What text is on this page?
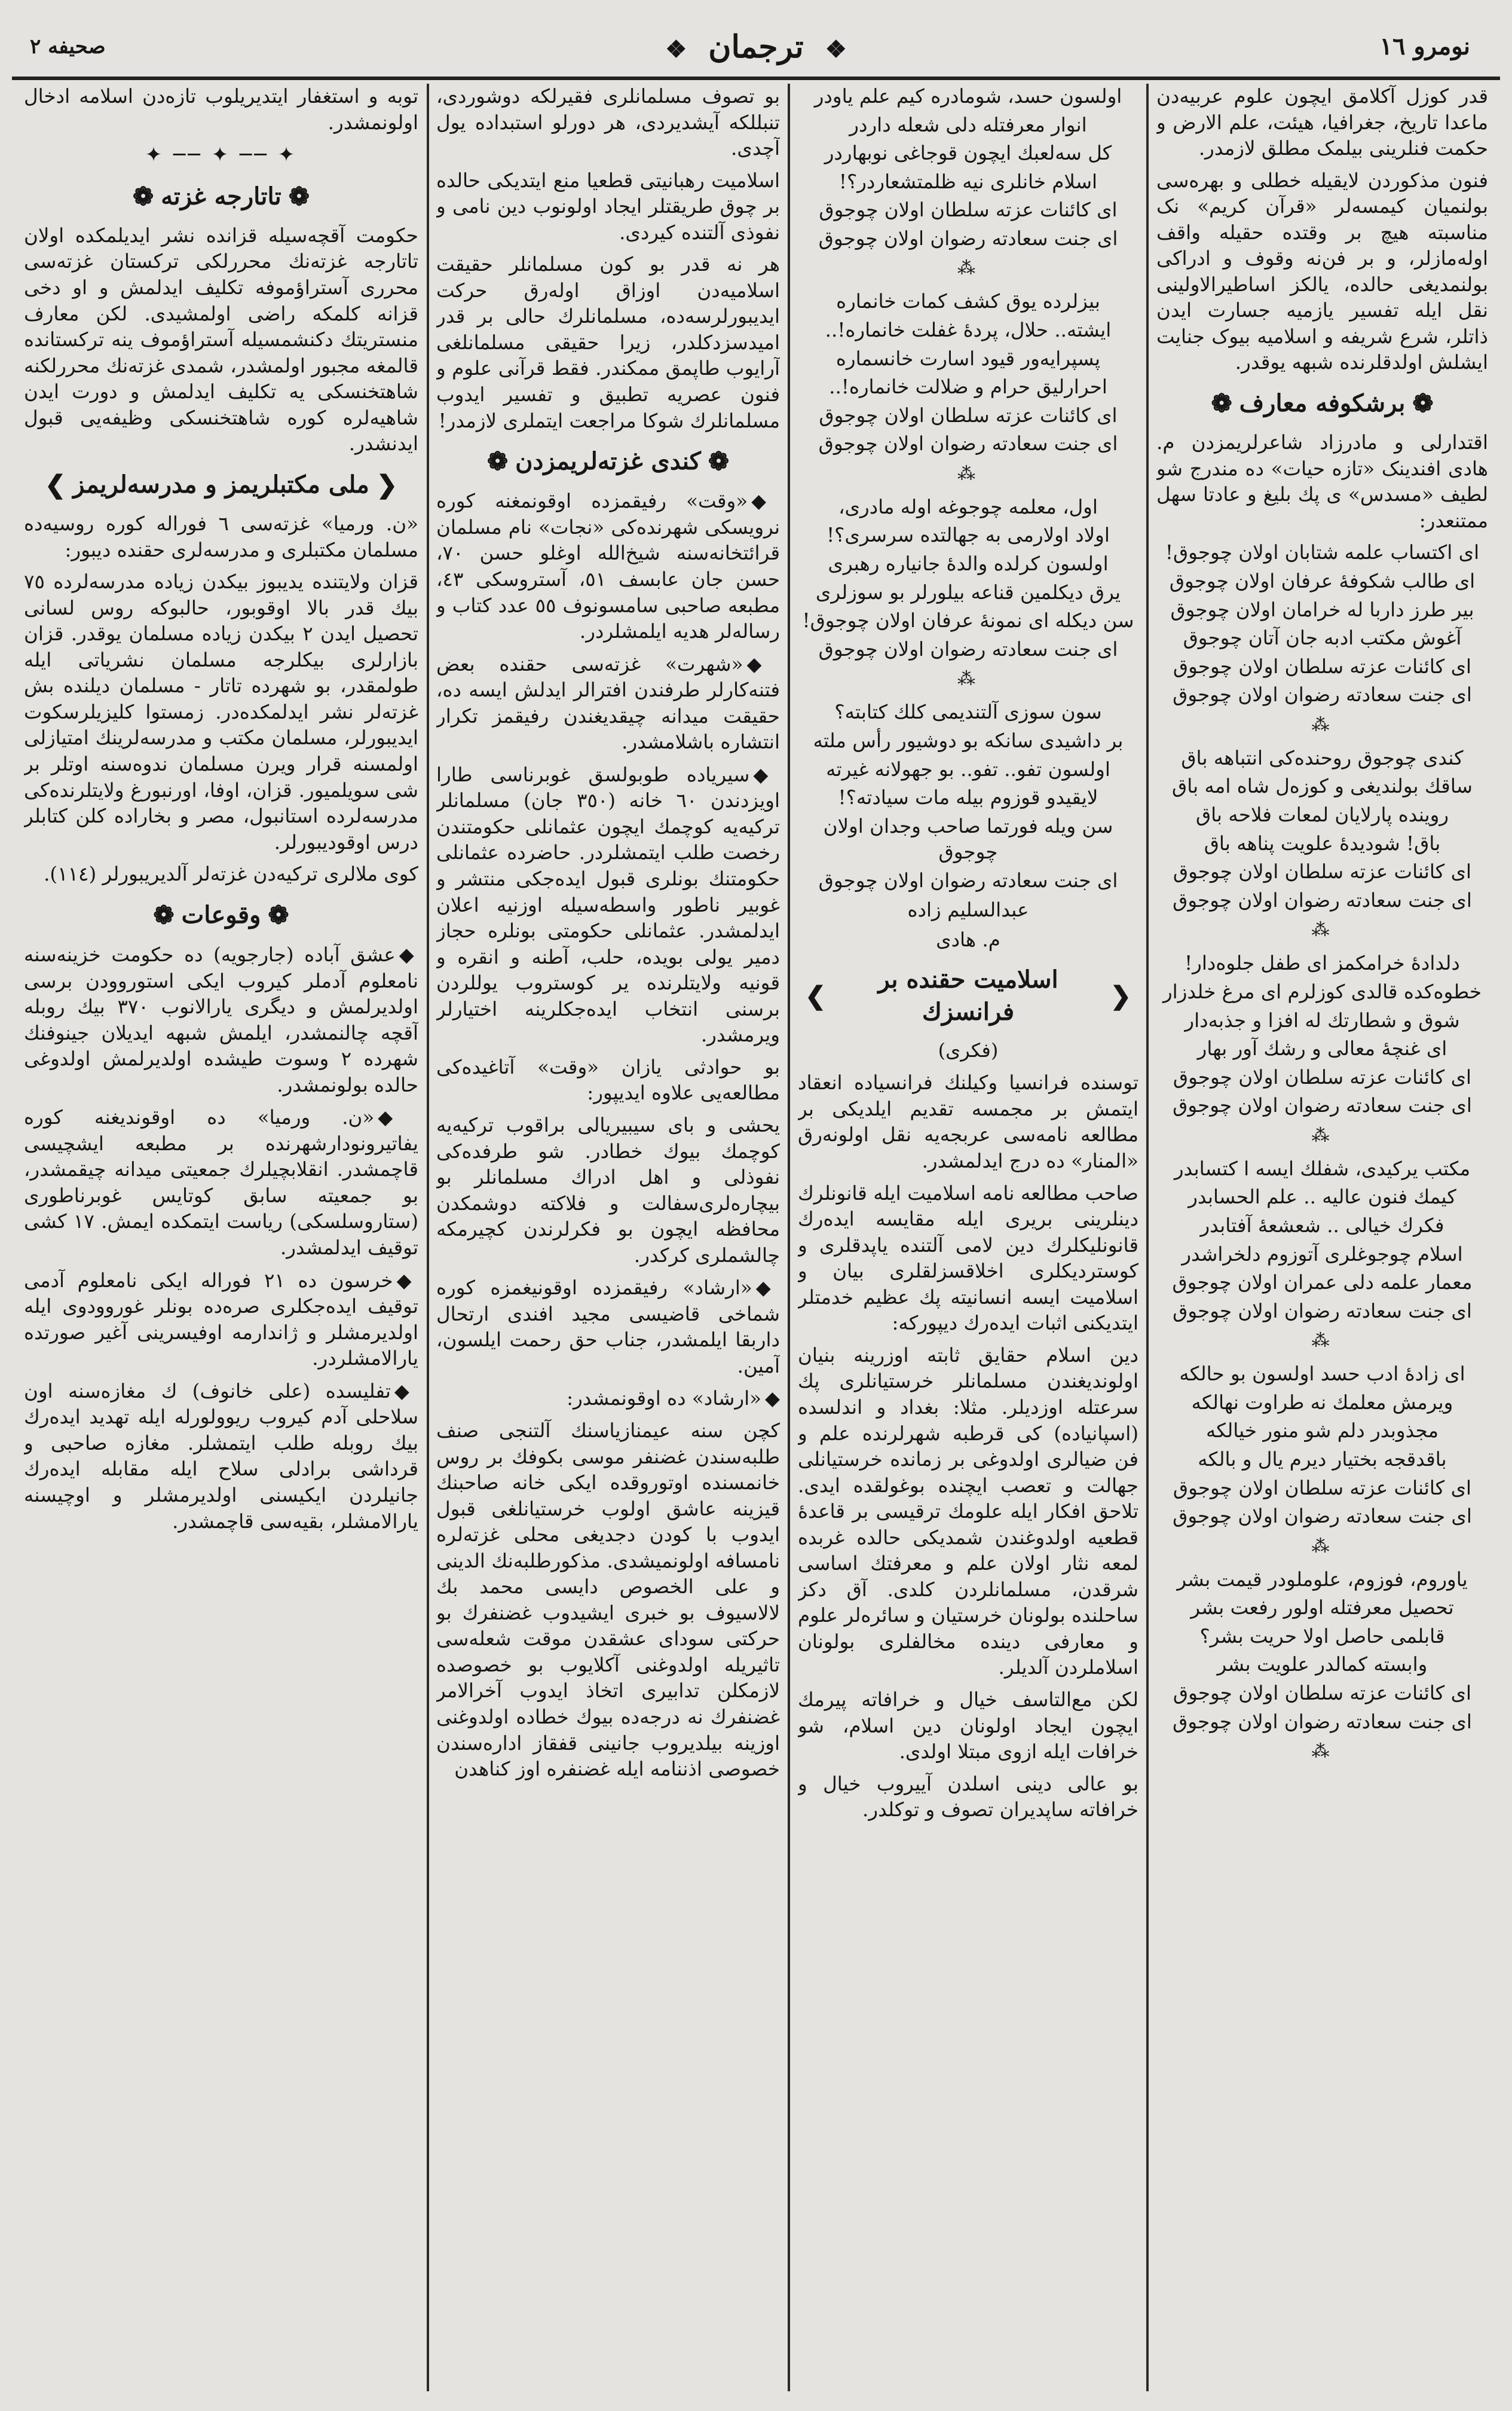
نومرو ١٦
❖ ترجمان ❖
صحیفه ٢

قدر کوزل آکلامق ایچون علوم عربیه‌دن ماعدا تاریخ، جغرافیا، هیئت، علم الارض و حکمت فنلرینی بیلمک مطلق لازمدر.

فنون مذکوردن لایقیله خطلی و بهره‌سی بولنمیان کیمسه‌لر «قرآن کریم» نک مناسبته هیچ بر وقتده حقیله واقف اوله‌مازلر، و بر فن‌نه وقوف و ادراکی بولنمدیغی حالده، یالکز اساطیرالاولینی نقل ایله تفسیر یازمیه جسارت ایدن ذاتلر، شرع شریفه و اسلامیه بیوک جنایت ایشلش اولدقلرنده شبهه یوقدر.

❁
برشکوفه معارف
❁

اقتدارلی و مادرزاد شاعرلریمزدن م. هادی افندینک «تازه حیات» ده مندرج شو لطیف «مسدس» ی پك بلیغ و عادتا سهل ممتنعدر:

ای اکتساب علمه شتابان اولان چوجوق!
ای طالب شکوفهٔ عرفان اولان چوجوق
بیر طرز داربا له خرامان اولان چوجوق
آغوش مکتب ادبه جان آتان چوجوق
ای کائنات عزته سلطان اولان چوجوق
ای جنت سعادته رضوان اولان چوجوق
⁂
کندی چوجوق روحنده‌کی انتباهه باق
ساقك بولندیغی و کوزه‌ل شاه امه باق
روینده پارلایان لمعات فلاحه باق
باق! شودیدهٔ علویت پناهه باق
ای کائنات عزته سلطان اولان چوجوق
ای جنت سعادته رضوان اولان چوجوق
⁂
دلدادهٔ خرامکمز ای طفل جلوه‌دار!
خطوه‌کده قالدی کوزلرم ای مرغ خلدزار
شوق و شطارتك له‌ افزا و جذبه‌دار
ای غنچهٔ معالی و رشك آور بهار
ای کائنات عزته سلطان اولان چوجوق
ای جنت سعادته رضوان اولان چوجوق
⁂
مکتب یرکیدی، شفلك ایسه ا کتسابدر
کیمك فنون عالیه .. علم الحسابدر
فکرك خیالی .. شعشعهٔ آفتابدر
اسلام چوجوغلری آتوزوم دلخراشدر
معمار علمه دلی عمران اولان چوجوق
ای جنت سعادته رضوان اولان چوجوق
⁂
ای زادهٔ ادب حسد اولسون بو حالکه
ویرمش معلمك نه طراوت نهالکه
مجذوبدر دلم شو منور خیالکه
باقدقجه بختیار دیرم یال و بالکه
ای کائنات عزته سلطان اولان چوجوق
ای جنت سعادته رضوان اولان چوجوق
⁂
یاوروم، فوزوم، علوملودر قیمت بشر
تحصیل معرفتله اولور رفعت بشر
قابلمی حاصل اولا حریت بشر؟
وابسته کمالدر علویت بشر
ای کائنات عزته سلطان اولان چوجوق
ای جنت سعادته رضوان اولان چوجوق
⁂
اولسون حسد، شومادره کیم علم یاودر
انوار معرفتله دلی شعله داردر
کل سه‌لعبك ایچون قوجاغی نوبهاردر
اسلام خانلری نیه ظلمتشعاردر؟!
ای کائنات عزته سلطان اولان چوجوق
ای جنت سعادته رضوان اولان چوجوق
⁂
بیزلرده یوق کشف کمات خانماره
ایشته.. حلال، پردهٔ غفلت خانماره!..
پسپرایه‌ور قیود اسارت خانسماره
احرارلیق حرام و ضلالت خانماره!..
ای کائنات عزته سلطان اولان چوجوق
ای جنت سعادته رضوان اولان چوجوق
⁂
اول، معلمه چوجوغه اوله مادری،
اولاد اولارمی به جهالتده سرسری؟!
اولسون کرلده والدهٔ جانیاره رهبری
یرق دیکلمین قناعه بیلورلر بو سوزلری
سن دیکله ای نمونهٔ عرفان اولان چوجوق!
ای جنت سعادته رضوان اولان چوجوق
⁂
سون سوزی آلتندیمی کلك کتابته؟
بر داشیدی سانکه بو دوشیور رأس ملته
اولسون تفو.. تفو.. بو جهولانه غیرته
لایقیدو قوزوم بیله مات سیادته؟!
سن ویله فورتما صاحب وجدان اولان چوجوق
ای جنت سعادته رضوان اولان چوجوق
عبدالسلیم زاده
م. هادی
❮
اسلامیت حقنده بر فرانسزك
❯
(فکری)

توسنده فرانسیا وکیلنك فرانسیاده انعقاد ایتمش بر مجمسه تقدیم ایلدیکی بر مطالعه نامه‌سی عربجه‌یه نقل اولونه‌رق «المنار» ده درج ایدلمشدر.

صاحب مطالعه نامه اسلامیت ایله قانونلرك دینلرینی بریری ایله مقایسه ایده‌رك قانونلیکلرك دین لامی آلتنده یاپدقلری و کوستردیکلری اخلاقسزلقلری بیان و اسلامیت ایسه انسانیته پك عظیم خدمتلر ایتدیکنی اثبات ایده‌رك دیپورکه:

دین اسلام حقایق ثابته اوزرینه بنیان اولوندیغندن مسلمانلر خرستیانلری پك سرعتله اوزدیلر. مثلا: بغداد و اندلسده (اسپانیاده) کی قرطبه شهرلرنده علم و فن ضیالری اولدوغی بر زمانده خرستیانلی جهالت و تعصب ایچنده بوغولقده ایدی. تلاحق افکار ایله علومك ترقیسی بر قاعدهٔ قطعیه اولدوغندن شمدیکی حالده غربده لمعه نثار اولان علم و معرفتك اساسی شرقدن، مسلمانلردن کلدی. آق دکز ساحلنده بولونان خرستیان و سائره‌لر علوم و معارفی دینده مخالفلری بولونان اسلاملردن آلدیلر.

لکن مع‌التاسف خیال و خرافاته پیرمك ایچون ایجاد اولونان دین اسلام، شو خرافات ایله ازوی مبتلا اولدی.

بو عالی دینی اسلدن آییروب خیال و خرافاته ساپدیران تصوف و توکلدر.

بو تصوف مسلمانلری فقیرلکه دوشوردی، تنبللکه آیشدیردی، هر دورلو استبداده یول آچدی.

اسلامیت رهبانیتی قطعیا منع ایتدیکی حالده بر چوق طریقتلر ایجاد اولونوب دین نامی و نفوذی آلتنده کیردی.

هر نه قدر بو کون مسلمانلر حقیقت اسلامیه‌دن اوزاق اوله‌رق حرکت ایدیبورلرسه‌ده، مسلمانلرك حالی بر قدر امیدسزدکلدر، زیرا حقیقی مسلمانلغی آرایوب طاپمق ممکندر. فقط قرآنی علوم و فنون عصریه تطبیق و تفسیر ایدوب مسلمانلرك شوکا مراجعت ایتملری لازمدر!

❁
کندی غزته‌لریمزدن
❁

◆«وقت» رفیقمزده اوقونمغنه کوره نرویسکی شهرنده‌کی «نجات» نام مسلمان قرائتخانه‌سنه شیخ‌الله اوغلو حسن ٧٠، حسن جان عابسف ٥١، آستروسکی ٤٣، مطبعه صاحبی سامسونوف ٥٥ عدد کتاب و رساله‌لر هدیه ایلمشلردر.

◆«شهرت» غزته‌سی حقنده بعض فتنه‌کارلر طرفندن افترالر ایدلش ایسه ده، حقیقت میدانه چیقدیغندن رفیقمز تکرار انتشاره باشلامشدر.

◆سیریاده طوبولسق غوبرناسی طارا اویزدندن ٦٠ خانه (٣٥٠ جان) مسلمانلر ترکیه‌یه کوچمك ایچون عثمانلی حکومتندن رخصت طلب ایتمشلردر. حاضرده عثمانلی حکومتنك بونلری قبول ایده‌جکی منتشر و غوبیر ناطور واسطه‌سیله اوزنیه اعلان ایدلمشدر. عثمانلی حکومتی بونلره حجاز دمیر یولی بویده، حلب، آطنه و انقره و قونیه ولایتلرنده یر کوستروب یوللردن برسنی انتخاب ایده‌جکلرینه اختیارلر ویرمشدر.

بو حوادثی یازان «وقت» آتاغیده‌کی مطالعه‌یی علاوه ایدیپور:

یحشی و بای سیبیریالی براقوب ترکیه‌یه کوچمك بیوك خطادر. شو طرفده‌کی نفوذلی و اهل ادراك مسلمانلر بو بیچاره‌لری‌سفالت و فلاکته دوشمکدن محافظه ایچون بو فکرلرندن کچیرمکه چالشملری کرکدر.

◆«ارشاد» رفیقمزده اوقونیغمزه کوره شماخی قاضیسی مجید افندی ارتحال داربقا ایلمشدر، جناب حق رحمت ایلسون، آمین.

◆«ارشاد» ده اوقونمشدر:

کچن سنه عیمنازیاسنك آلتنجی صنف طلبه‌سندن غضنفر موسی بکوفك بر روس خانمسنده اوتوروقده ایکی خانه صاحبنك قیزینه عاشق اولوب خرستیانلغی قبول ایدوب با کودن دجدیغی محلی غزته‌لره نامسافه اولونمیشدی. مذکورطلبه‌نك الدینی و علی الخصوص دایسی محمد بك لالاسیوف بو خبری ایشیدوب غضنفرك بو حرکتی سودای عشقدن موقت شعله‌سی تاثیریله اولدوغنی آکلایوب بو خصوصده لازمکلن تدابیری اتخاذ ایدوب آخرالامر غضنفرك نه درجه‌ده بیوك خطاده اولدوغنی اوزینه بیلدیروب جانینی قفقاز اداره‌سندن خصوصی اذننامه ایله غضنفره اوز کناهدن

توبه و استغفار ایتدیریلوب تازه‌دن اسلامه ادخال اولونمشدر.

✦ ── ✦ ── ✦
❁
تاتارجه غزته
❁

حکومت آقچه‌سیله قزانده نشر ایدیلمکده اولان تاتارجه غزته‌نك محررلکی ترکستان غزته‌سی محرری آستراؤموفه تکلیف ایدلمش و او دخی قزانه کلمکه راضی اولمشیدی. لکن معارف منستریتك دکنشمسیله آستراؤموف ینه ترکستانده قالمغه مجبور اولمشدر، شمدی غزته‌نك محررلکنه شاهتخنسکی یه تکلیف ایدلمش و دورت ایدن شاهیه‌لره کوره شاهتخنسکی وظیفه‌یی قبول ایدنشدر.

❮
ملی مکتبلریمز و مدرسه‌لریمز
❯

«ن. ورمیا» غزته‌سی ٦ فوراله کوره روسیه‌ده مسلمان مکتبلری و مدرسه‌لری حقنده دیبور:

قزان ولایتنده یدیبوز بیکدن زیاده مدرسه‌لرده ٧٥ بیك قدر بالا اوقوبور، حالبوکه روس لسانی تحصیل ایدن ٢ بیکدن زیاده مسلمان یوقدر. قزان بازارلری بیکلرجه مسلمان نشریاتی ایله طولمقدر، بو شهرده تاتار - مسلمان دیلنده بش غزته‌لر نشر ایدلمکده‌در. زمستوا کلیزیلرسکوت ایدیبورلر، مسلمان مکتب و مدرسه‌لرینك امتیازلی اولمسنه قرار ویرن مسلمان ندوه‌سنه اوتلر بر شی سویلمیور. قزان، اوفا، اورنبورغ ولایتلرنده‌کی مدرسه‌لرده استانبول، مصر و بخاراده کلن کتابلر درس اوقودیبورلر.

کوی ملالری ترکیه‌دن غزته‌لر آلدیریبورلر (١١٤).

❁
وقوعات
❁

◆عشق آباده (جارجویه) ده حکومت خزینه‌سنه نامعلوم آدملر کیروب ایکی استوروودن برسی اولدیرلمش و دیگری یارالانوب ٣٧٠ بیك روبله آقچه چالنمشدر، ایلمش شبهه ایدیلان جینوفنك شهرده ٢ وسوت طیشده اولدیرلمش اولدوغی حالده بولونمشدر.

◆«ن. ورمیا» ده اوقوندیغنه کوره یفاتیرونودارشهرنده بر مطبعه ایشچیسی قاچمشدر. انقلابچیلرك جمعیتی میدانه چیقمشدر، بو جمعیته سابق کوتایس غوبرناطوری (ستاروسلسکی) ریاست ایتمکده ایمش. ١٧ کشی توقیف ایدلمشدر.

◆خرسون ده ٢١ فوراله ایکی نامعلوم آدمی توقیف ایده‌جکلری صره‌ده بونلر غوروودوی ایله اولدیرمشلر و ژاندارمه اوفیسرینی آغیر صورتده یارالامشلردر.

◆تفلیسده (علی خانوف) ك مغازه‌سنه اون سلاحلی آدم کیروب ریوولورله ایله تهدید ایده‌رك بیك روبله طلب ایتمشلر. مغازه صاحبی و قرداشی برادلی سلاح ایله مقابله ایده‌رك جانیلردن ایکیسنی اولدیرمشلر و اوچیسنه یارالامشلر، بقیه‌سی قاچمشدر.
